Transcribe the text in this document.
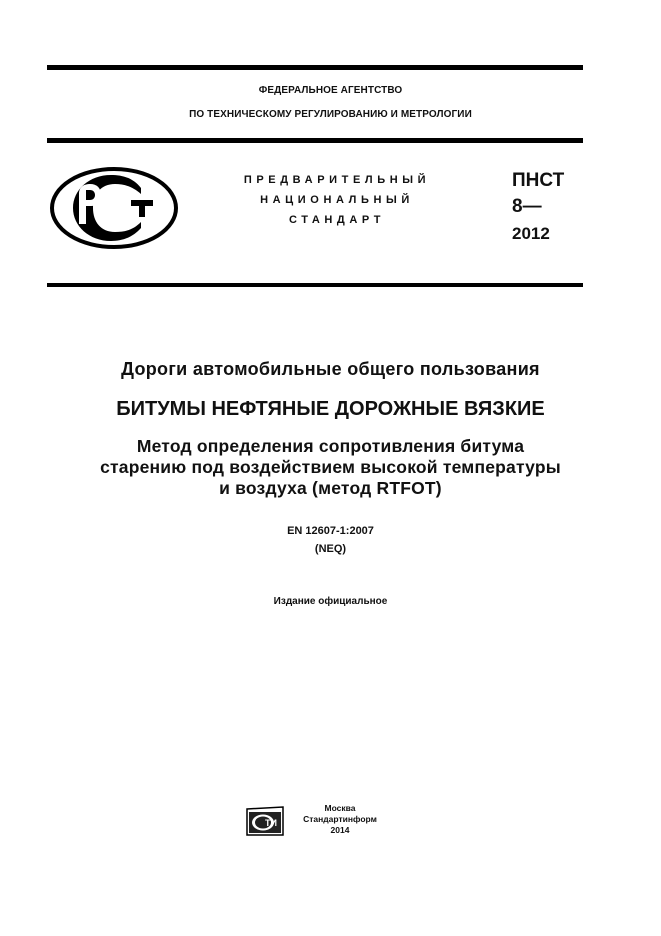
ФЕДЕРАЛЬНОЕ АГЕНТСТВО
ПО ТЕХНИЧЕСКОМУ РЕГУЛИРОВАНИЮ И МЕТРОЛОГИИ
ПРЕДВАРИТЕЛЬНЫЙ
НАЦИОНАЛЬНЫЙ
СТАНДАРТ
ПНСТ
8—
2012
Дороги автомобильные общего пользования
БИТУМЫ НЕФТЯНЫЕ ДОРОЖНЫЕ ВЯЗКИЕ
Метод определения сопротивления битума
старению под воздействием высокой температуры
и воздуха (метод RTFOT)
EN 12607-1:2007
(NEQ)
Издание официальное
ТИ
Москва
Стандартинформ
2014
